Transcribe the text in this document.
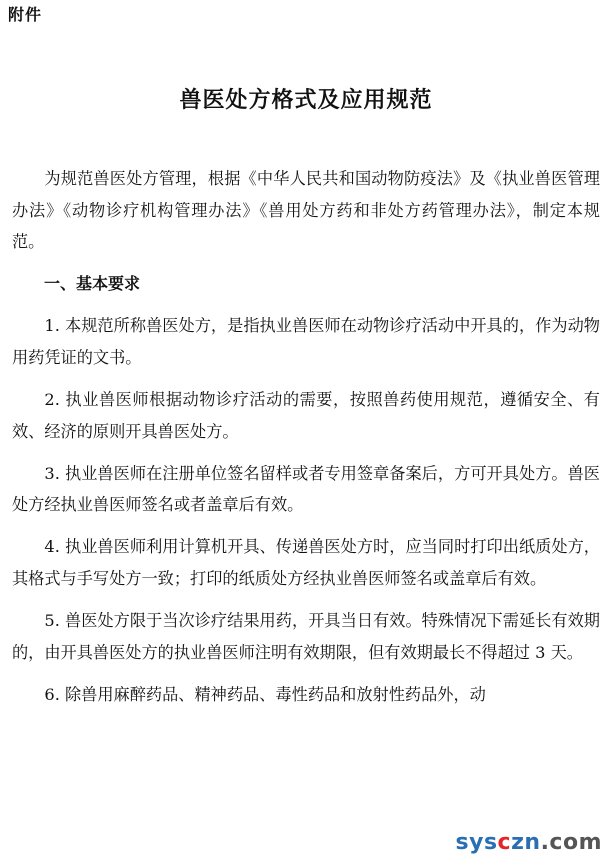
附件
兽医处方格式及应用规范

为规范兽医处方管理，根据《中华人民共和国动物防疫法》及《执业兽医管理办法》《动物诊疗机构管理办法》《兽用处方药和非处方药管理办法》，制定本规范。

一、基本要求

1. 本规范所称兽医处方，是指执业兽医师在动物诊疗活动中开具的，作为动物用药凭证的文书。

2. 执业兽医师根据动物诊疗活动的需要，按照兽药使用规范，遵循安全、有效、经济的原则开具兽医处方。

3. 执业兽医师在注册单位签名留样或者专用签章备案后，方可开具处方。兽医处方经执业兽医师签名或者盖章后有效。

4. 执业兽医师利用计算机开具、传递兽医处方时，应当同时打印出纸质处方，其格式与手写处方一致；打印的纸质处方经执业兽医师签名或盖章后有效。

5. 兽医处方限于当次诊疗结果用药，开具当日有效。特殊情况下需延长有效期的，由开具兽医处方的执业兽医师注明有效期限，但有效期最长不得超过 3 天。

6. 除兽用麻醉药品、精神药品、毒性药品和放射性药品外，动

sysczn.com
